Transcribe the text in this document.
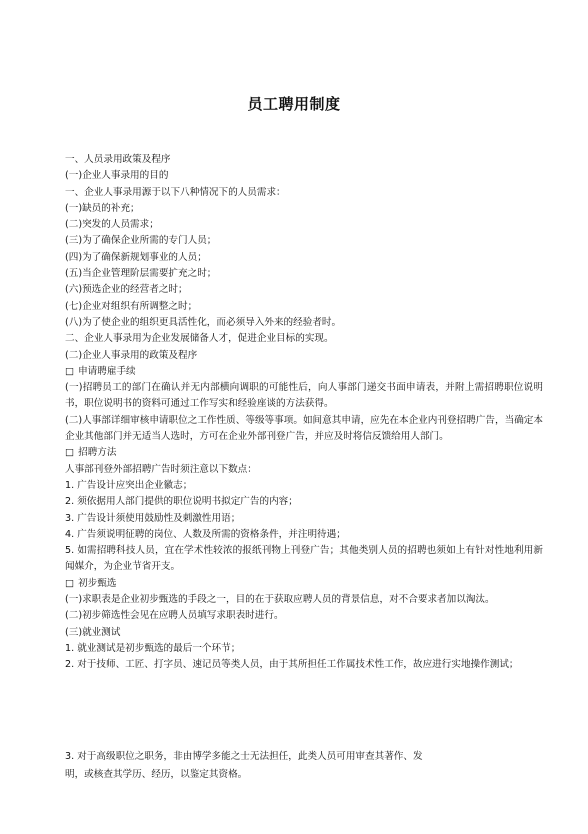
员工聘用制度
一、人员录用政策及程序
(一)企业人事录用的目的
一、企业人事录用源于以下八种情况下的人员需求：
(一)缺员的补充；
(二)突发的人员需求；
(三)为了确保企业所需的专门人员；
(四)为了确保新规划事业的人员；
(五)当企业管理阶层需要扩充之时；
(六)预选企业的经营者之时；
(七)企业对组织有所调整之时；
(八)为了使企业的组织更具活性化，而必须导入外来的经验者时。
二、企业人事录用为企业发展储备人才，促进企业目标的实现。
(二)企业人事录用的政策及程序
□ 申请聘雇手续
(一)招聘员工的部门在确认并无内部横向调职的可能性后，向人事部门递交书面申请表，并附上需招聘职位说明书，职位说明书的资料可通过工作写实和经验座谈的方法获得。
(二)人事部详细审核申请职位之工作性质、等级等事项。如间意其申请，应先在本企业内刊登招聘广告，当确定本企业其他部门并无适当人选时，方可在企业外部刊登广告，并应及时将信反馈给用人部门。
□ 招聘方法
人事部刊登外部招聘广告时须注意以下数点：
1. 广告设计应突出企业徽志；
2. 须依据用人部门提供的职位说明书拟定广告的内容；
3. 广告设计须使用鼓励性及刺激性用语；
4. 广告须说明征聘的岗位、人数及所需的资格条件，并注明待遇；
5. 如需招聘科技人员，宜在学术性较浓的报纸刊物上刊登广告；其他类别人员的招聘也须如上有针对性地利用新闻媒介，为企业节省开支。
□ 初步甄选
(一)求职表是企业初步甄选的手段之一，目的在于获取应聘人员的背景信息，对不合要求者加以淘汰。
(二)初步筛选性会见在应聘人员填写求职表时进行。
(三)就业测试
1. 就业测试是初步甄选的最后一个环节；
2. 对于技师、工匠、打字员、速记员等类人员，由于其所担任工作属技术性工作，故应进行实地操作测试；
3. 对于高级职位之职务，非由博学多能之士无法担任，此类人员可用审查其著作、发
明，或核查其学历、经历，以鉴定其资格。
